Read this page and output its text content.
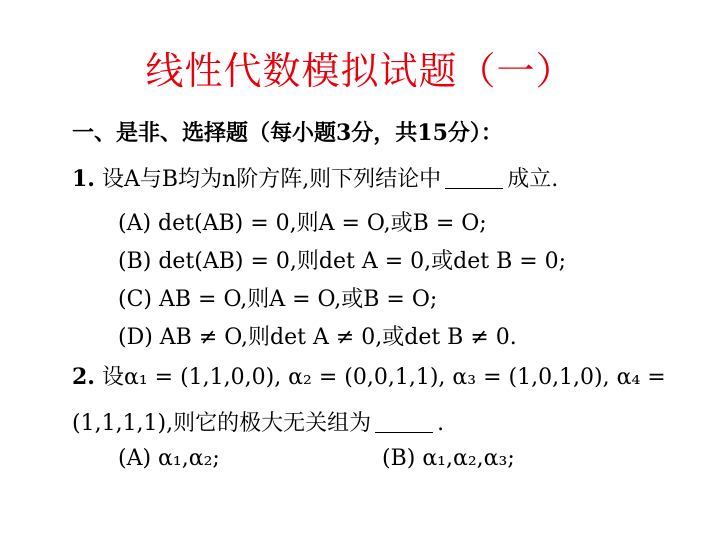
线性代数模拟试题（一）
一、是非、选择题（每小题3分，共15分）：
1. 设A与B均为n阶方阵,则下列结论中	成立.
(A) det(AB) = 0,则A = O,或B = O;
(B) det(AB) = 0,则det A = 0,或det B = 0;
(C) AB = O,则A = O,或B = O;
(D) AB ≠ O,则det A ≠ 0,或det B ≠ 0.
2. 设α₁ = (1,1,0,0), α₂ = (0,0,1,1), α₃ = (1,0,1,0), α₄ =
(1,1,1,1),则它的极大无关组为	.
(A) α₁,α₂;	(B) α₁,α₂,α₃;
